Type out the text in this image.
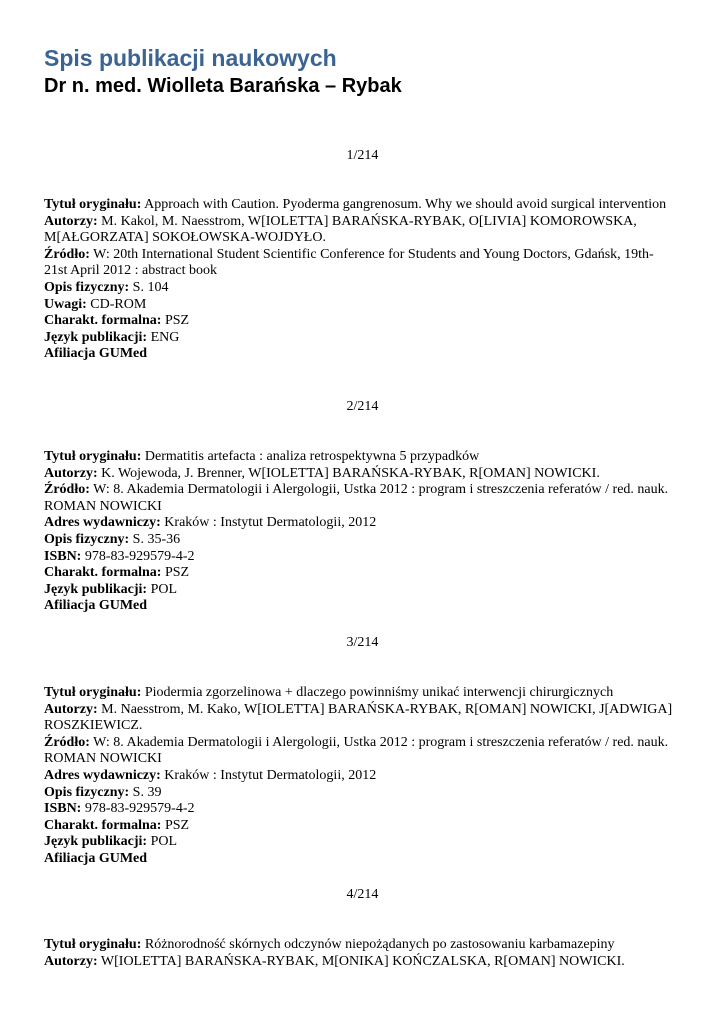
Spis publikacji naukowych
Dr n. med. Wiolleta Barańska – Rybak
1/214
Tytuł oryginału: Approach with Caution. Pyoderma gangrenosum. Why we should avoid surgical intervention
Autorzy: M. Kakol, M. Naesstrom, W[IOLETTA] BARAŃSKA-RYBAK, O[LIVIA] KOMOROWSKA, M[AŁGORZATA] SOKOŁOWSKA-WOJDYŁO.
Źródło: W: 20th International Student Scientific Conference for Students and Young Doctors, Gdańsk, 19th-21st April 2012 : abstract book
Opis fizyczny: S. 104
Uwagi: CD-ROM
Charakt. formalna: PSZ
Język publikacji: ENG
Afiliacja GUMed
2/214
Tytuł oryginału: Dermatitis artefacta : analiza retrospektywna 5 przypadków
Autorzy: K. Wojewoda, J. Brenner, W[IOLETTA] BARAŃSKA-RYBAK, R[OMAN] NOWICKI.
Źródło: W: 8. Akademia Dermatologii i Alergologii, Ustka 2012 : program i streszczenia referatów / red. nauk. ROMAN NOWICKI
Adres wydawniczy: Kraków : Instytut Dermatologii, 2012
Opis fizyczny: S. 35-36
ISBN: 978-83-929579-4-2
Charakt. formalna: PSZ
Język publikacji: POL
Afiliacja GUMed
3/214
Tytuł oryginału: Piodermia zgorzelinowa + dlaczego powinniśmy unikać interwencji chirurgicznych
Autorzy: M. Naesstrom, M. Kako, W[IOLETTA] BARAŃSKA-RYBAK, R[OMAN] NOWICKI, J[ADWIGA] ROSZKIEWICZ.
Źródło: W: 8. Akademia Dermatologii i Alergologii, Ustka 2012 : program i streszczenia referatów / red. nauk. ROMAN NOWICKI
Adres wydawniczy: Kraków : Instytut Dermatologii, 2012
Opis fizyczny: S. 39
ISBN: 978-83-929579-4-2
Charakt. formalna: PSZ
Język publikacji: POL
Afiliacja GUMed
4/214
Tytuł oryginału: Różnorodność skórnych odczynów niepożądanych po zastosowaniu karbamazepiny
Autorzy: W[IOLETTA] BARAŃSKA-RYBAK, M[ONIKA] KOŃCZALSKA, R[OMAN] NOWICKI.
